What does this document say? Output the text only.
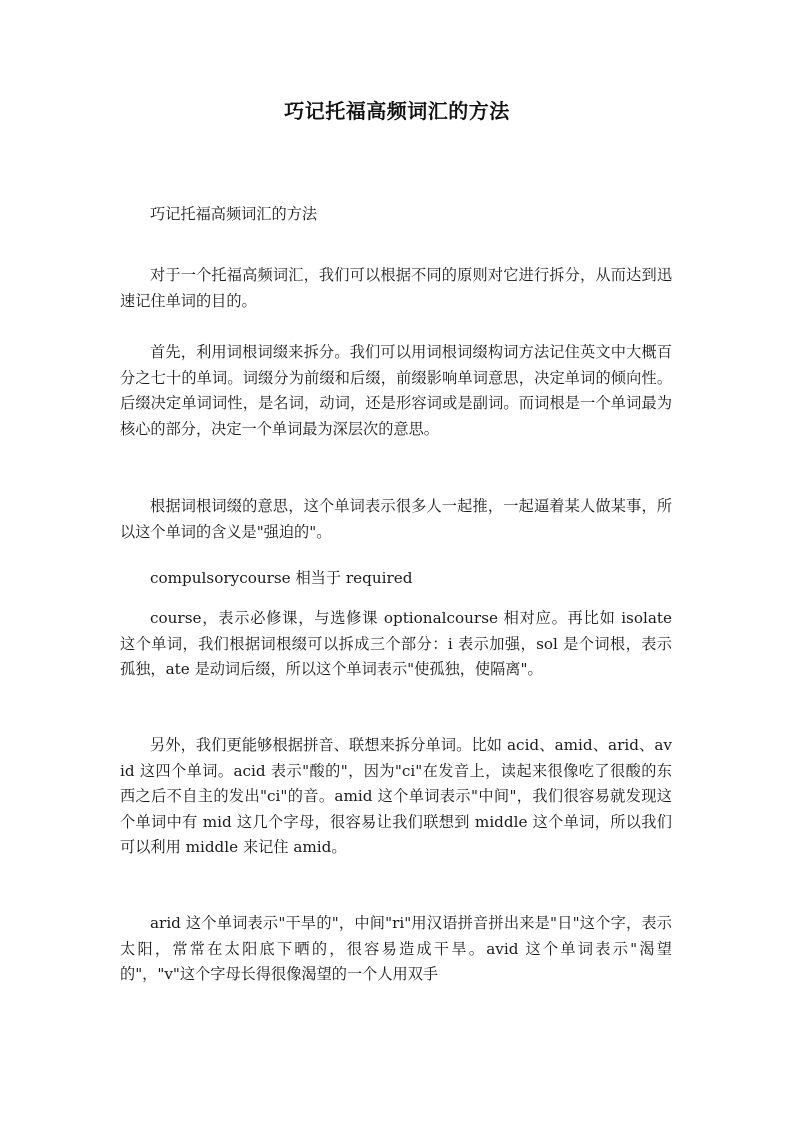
巧记托福高频词汇的方法
巧记托福高频词汇的方法

对于一个托福高频词汇，我们可以根据不同的原则对它进行拆分，从而达到迅速记住单词的目的。

首先，利用词根词缀来拆分。我们可以用词根词缀构词方法记住英文中大概百分之七十的单词。词缀分为前缀和后缀，前缀影响单词意思，决定单词的倾向性。后缀决定单词词性，是名词，动词，还是形容词或是副词。而词根是一个单词最为核心的部分，决定一个单词最为深层次的意思。

根据词根词缀的意思，这个单词表示很多人一起推，一起逼着某人做某事，所以这个单词的含义是"强迫的"。

compulsorycourse 相当于 required

course，表示必修课，与选修课 optionalcourse 相对应。再比如 isolate 这个单词，我们根据词根缀可以拆成三个部分：i 表示加强，sol 是个词根，表示孤独，ate 是动词后缀，所以这个单词表示"使孤独，使隔离"。

另外，我们更能够根据拼音、联想来拆分单词。比如 acid、amid、arid、avid 这四个单词。acid 表示"酸的"，因为"ci"在发音上，读起来很像吃了很酸的东西之后不自主的发出"ci"的音。amid 这个单词表示"中间"，我们很容易就发现这个单词中有 mid 这几个字母，很容易让我们联想到 middle 这个单词，所以我们可以利用 middle 来记住 amid。

arid 这个单词表示"干旱的"，中间"ri"用汉语拼音拼出来是"日"这个字，表示太阳，常常在太阳底下晒的，很容易造成干旱。avid 这个单词表示"渴望的"，"v"这个字母长得很像渴望的一个人用双手
